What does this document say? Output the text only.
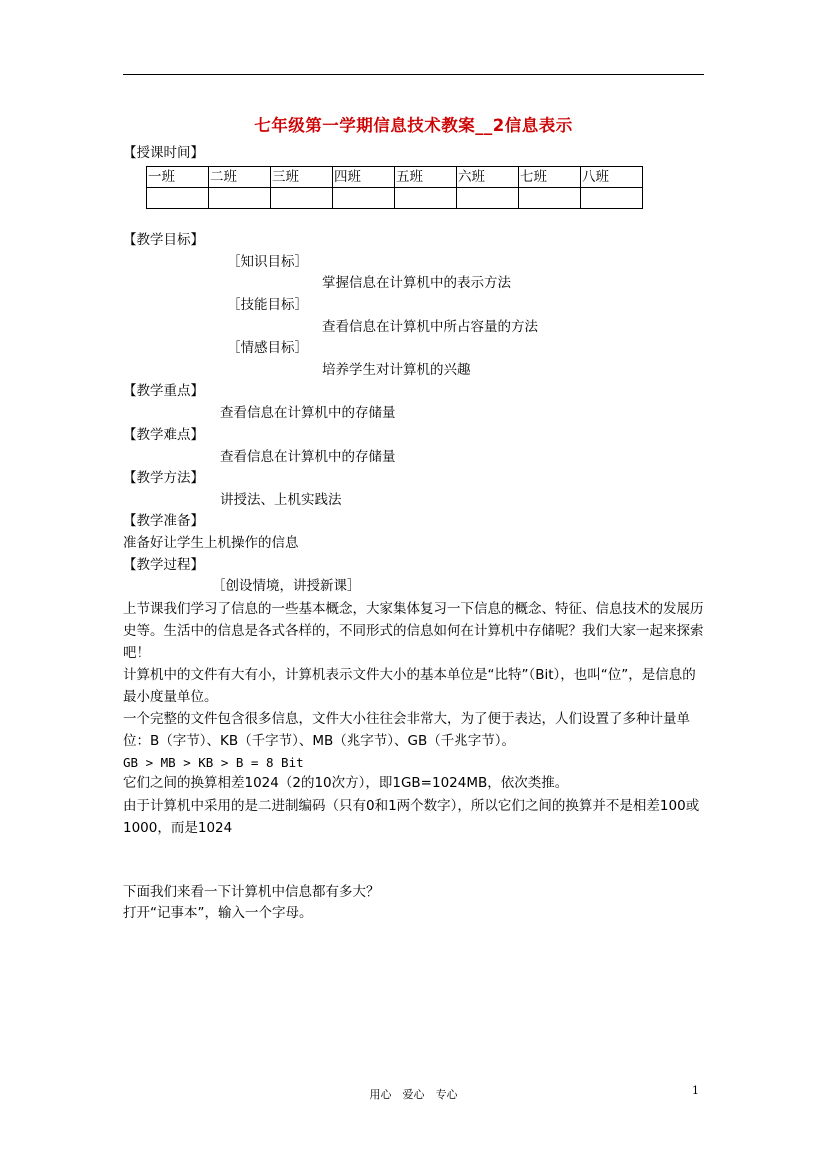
七年级第一学期信息技术教案__2信息表示
【授课时间】
一班	二班	三班	四班	五班	六班	七班	八班

【教学目标】
［知识目标］
掌握信息在计算机中的表示方法
［技能目标］
查看信息在计算机中所占容量的方法
［情感目标］
培养学生对计算机的兴趣
【教学重点】
查看信息在计算机中的存储量
【教学难点】
查看信息在计算机中的存储量
【教学方法】
讲授法、上机实践法
【教学准备】
准备好让学生上机操作的信息
【教学过程】
［创设情境，讲授新课］
上节课我们学习了信息的一些基本概念，大家集体复习一下信息的概念、特征、信息技术的发展历史等。生活中的信息是各式各样的，不同形式的信息如何在计算机中存储呢？我们大家一起来探索吧！
计算机中的文件有大有小，计算机表示文件大小的基本单位是“比特”（Bit），也叫“位”，是信息的最小度量单位。
一个完整的文件包含很多信息，文件大小往往会非常大，为了便于表达，人们设置了多种计量单位：B（字节）、KB（千字节）、MB（兆字节）、GB（千兆字节）。
GB > MB > KB > B = 8 Bit
它们之间的换算相差1024（2的10次方），即1GB=1024MB，依次类推。
由于计算机中采用的是二进制编码（只有0和1两个数字），所以它们之间的换算并不是相差100或1000，而是1024
下面我们来看一下计算机中信息都有多大？
打开“记事本”，输入一个字母。
用心　爱心　专心	1
